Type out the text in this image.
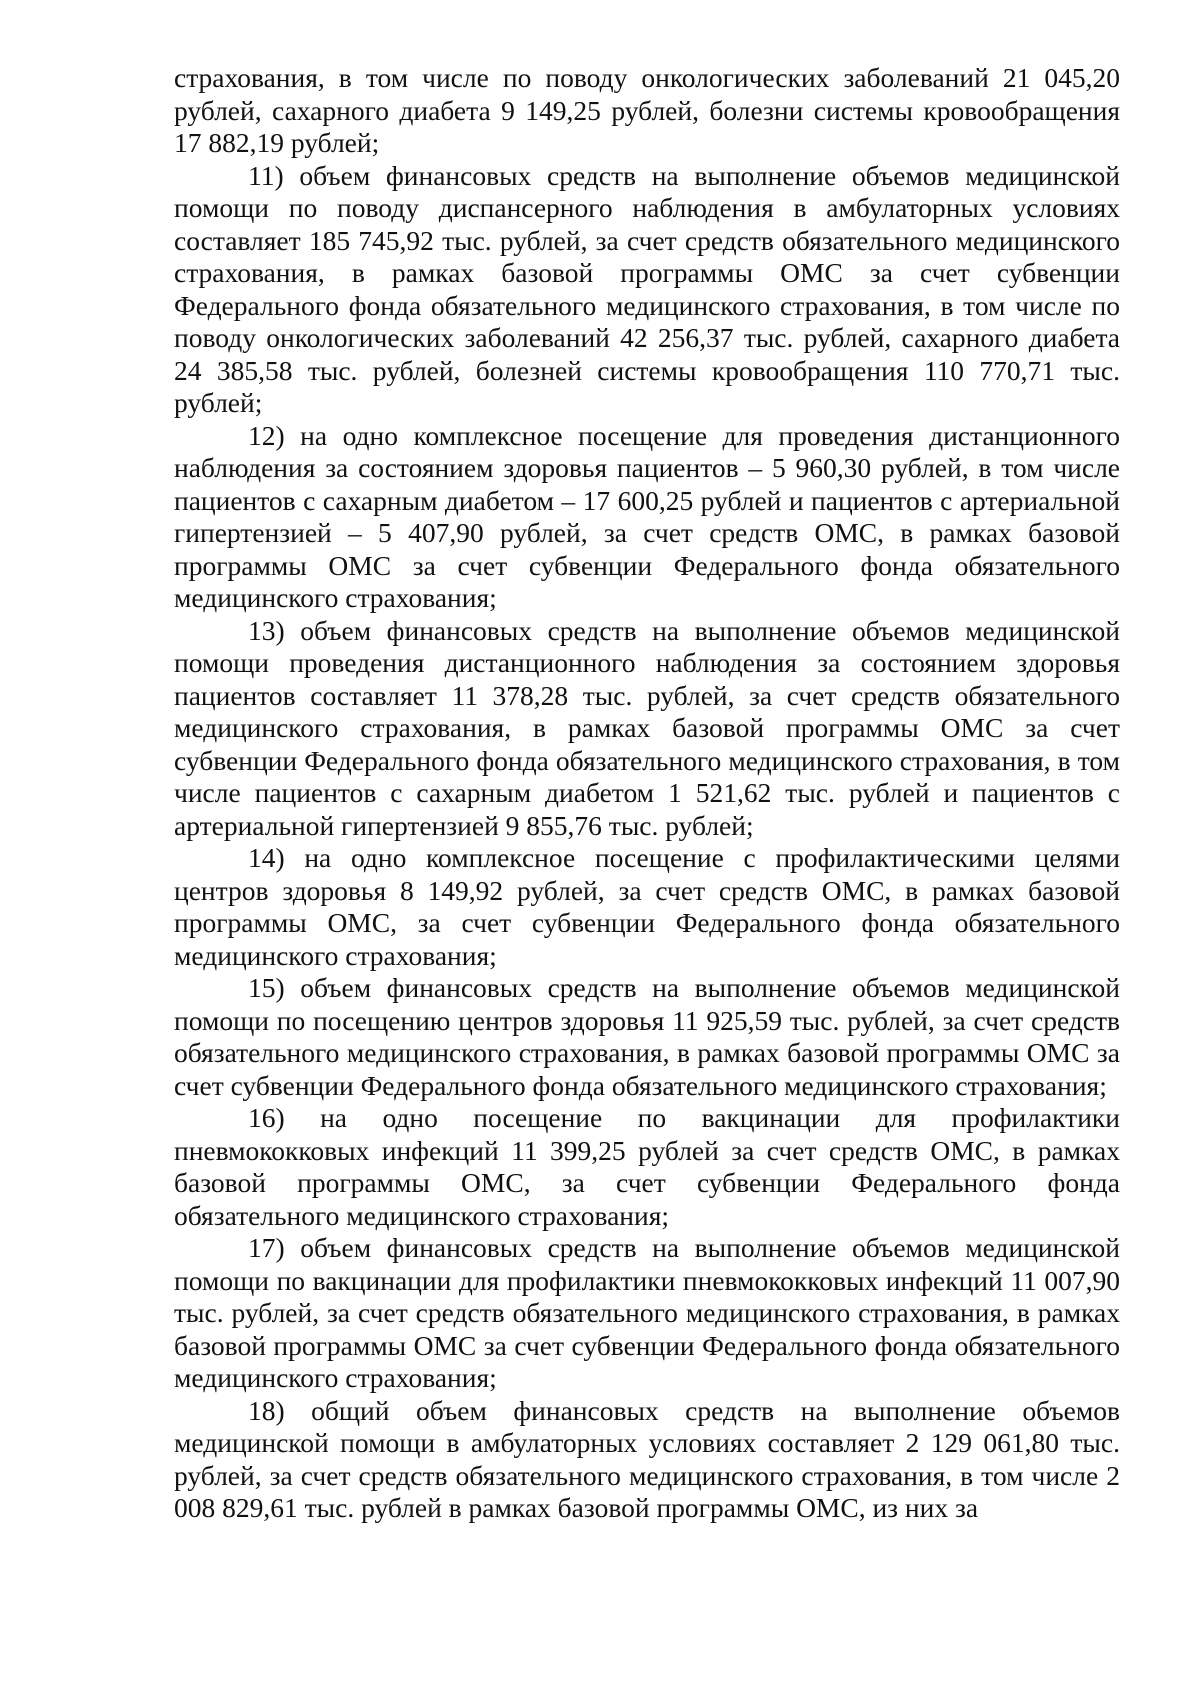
страхования, в том числе по поводу онкологических заболеваний 21 045,20 рублей, сахарного диабета 9 149,25 рублей, болезни системы кровообращения 17 882,19 рублей;

11) объем финансовых средств на выполнение объемов медицинской помощи по поводу диспансерного наблюдения в амбулаторных условиях составляет 185 745,92 тыс. рублей, за счет средств обязательного медицинского страхования, в рамках базовой программы ОМС за счет субвенции Федерального фонда обязательного медицинского страхования, в том числе по поводу онкологических заболеваний 42 256,37 тыс. рублей, сахарного диабета 24 385,58 тыс. рублей, болезней системы кровообращения 110 770,71 тыс. рублей;

12) на одно комплексное посещение для проведения дистанционного наблюдения за состоянием здоровья пациентов – 5 960,30 рублей, в том числе пациентов с сахарным диабетом – 17 600,25 рублей и пациентов с артериальной гипертензией – 5 407,90 рублей, за счет средств ОМС, в рамках базовой программы ОМС за счет субвенции Федерального фонда обязательного медицинского страхования;

13) объем финансовых средств на выполнение объемов медицинской помощи проведения дистанционного наблюдения за состоянием здоровья пациентов составляет 11 378,28 тыс. рублей, за счет средств обязательного медицинского страхования, в рамках базовой программы ОМС за счет субвенции Федерального фонда обязательного медицинского страхования, в том числе пациентов с сахарным диабетом 1 521,62 тыс. рублей и пациентов с артериальной гипертензией 9 855,76 тыс. рублей;

14) на одно комплексное посещение с профилактическими целями центров здоровья 8 149,92 рублей, за счет средств ОМС, в рамках базовой программы ОМС, за счет субвенции Федерального фонда обязательного медицинского страхования;

15) объем финансовых средств на выполнение объемов медицинской помощи по посещению центров здоровья 11 925,59 тыс. рублей, за счет средств обязательного медицинского страхования, в рамках базовой программы ОМС за счет субвенции Федерального фонда обязательного медицинского страхования;

16) на одно посещение по вакцинации для профилактики пневмококковых инфекций 11 399,25 рублей за счет средств ОМС, в рамках базовой программы ОМС, за счет субвенции Федерального фонда обязательного медицинского страхования;

17) объем финансовых средств на выполнение объемов медицинской помощи по вакцинации для профилактики пневмококковых инфекций 11 007,90 тыс. рублей, за счет средств обязательного медицинского страхования, в рамках базовой программы ОМС за счет субвенции Федерального фонда обязательного медицинского страхования;

18) общий объем финансовых средств на выполнение объемов медицинской помощи в амбулаторных условиях составляет 2 129 061,80 тыс. рублей, за счет средств обязательного медицинского страхования, в том числе 2 008 829,61 тыс. рублей в рамках базовой программы ОМС, из них за
